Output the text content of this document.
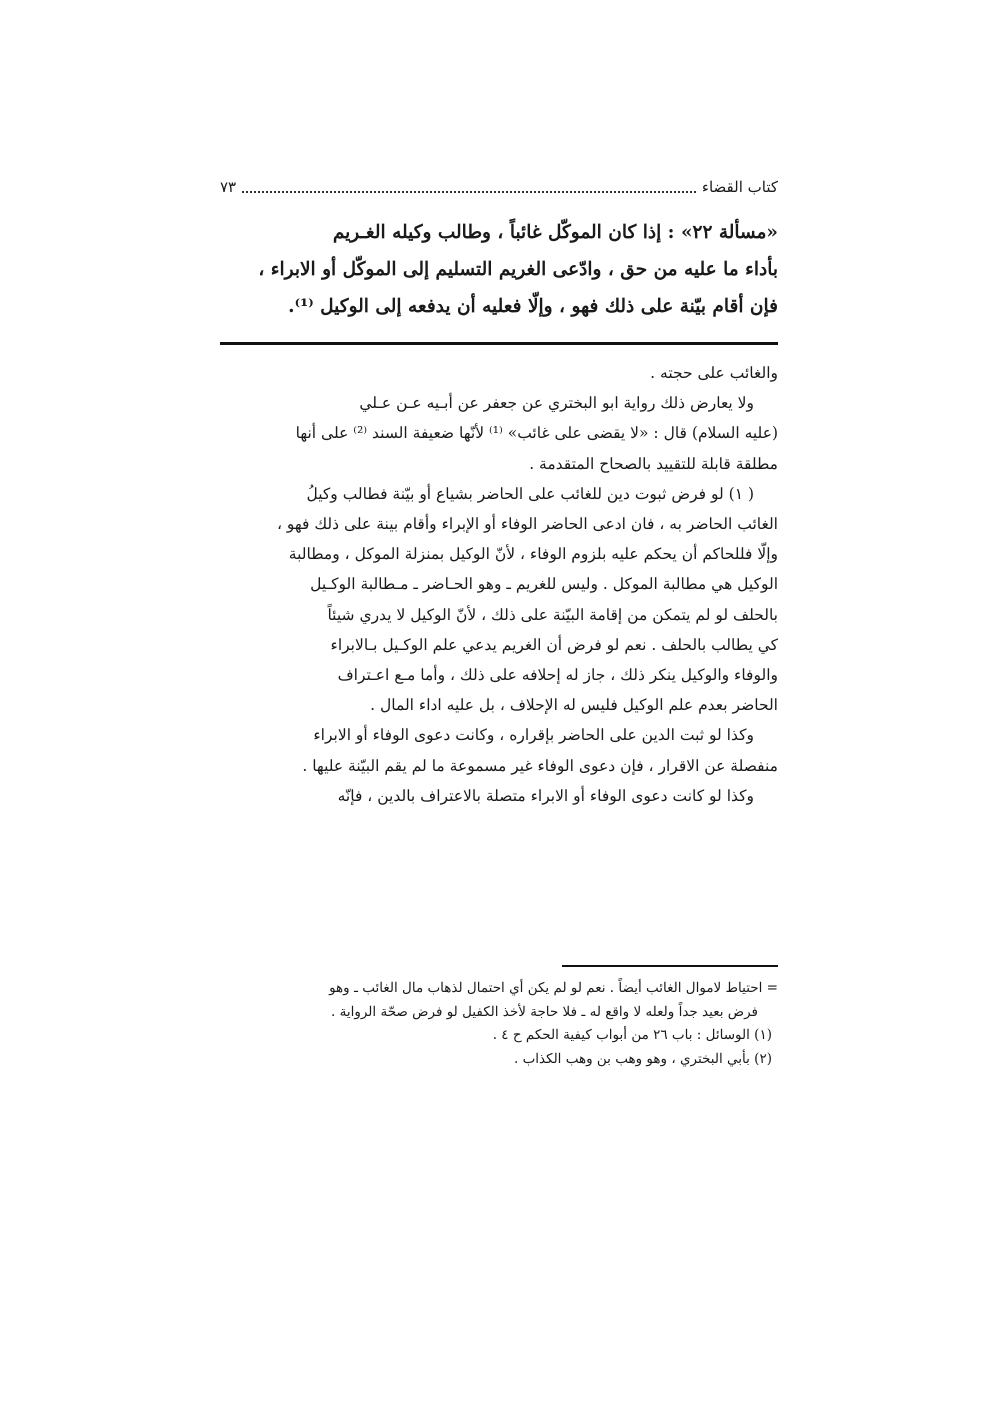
كتاب القضاء
٧٣

«مسألة ٢٢» : إذا كان الموكّل غائباً ، وطالب وكيله الغـريم

بأداء ما عليه من حق ، وادّعى الغريم التسليم إلى الموكّل أو الابراء ،

فإن أقام بيّنة على ذلك فهو ، وإلّا فعليه أن يدفعه إلى الوكيل ⁽¹⁾.

والغائب على حجته .

ولا يعارض ذلك رواية ابو البختري عن جعفر عن أبـيه عـن عـلي

(عليه السلام) قال : «لا يقضى على غائب» ⁽¹⁾ لأنّها ضعيفة السند ⁽²⁾ على أنها

مطلقة قابلة للتقييد بالصحاح المتقدمة .

( ١) لو فرض ثبوت دين للغائب على الحاضر بشياع أو بيّنة فطالب وكيلُ

الغائب الحاضر به ، فان ادعى الحاضر الوفاء أو الإبراء وأقام بينة على ذلك فهو ،

وإلّا فللحاكم أن يحكم عليه بلزوم الوفاء ، لأنّ الوكيل بمنزلة الموكل ، ومطالبة

الوكيل هي مطالبة الموكل . وليس للغريم ـ وهو الحـاضر ـ مـطالبة الوكـيل

بالحلف لو لم يتمكن من إقامة البيّنة على ذلك ، لأنّ الوكيل لا يدري شيئاً

كي يطالب بالحلف . نعم لو فرض أن الغريم يدعي علم الوكـيل بـالابراء

والوفاء والوكيل ينكر ذلك ، جاز له إحلافه على ذلك ، وأما مـع اعـتراف

الحاضر بعدم علم الوكيل فليس له الإحلاف ، بل عليه اداء المال .

وكذا لو ثبت الدين على الحاضر بإقراره ، وكانت دعوى الوفاء أو الابراء

منفصلة عن الاقرار ، فإن دعوى الوفاء غير مسموعة ما لم يقم البيّنة عليها .

وكذا لو كانت دعوى الوفاء أو الابراء متصلة بالاعتراف بالدين ، فإنّه

= احتياط لاموال الغائب أيضاً . نعم لو لم يكن أي احتمال لذهاب مال الغائب ـ وهو

فرض بعيد جداً ولعله لا واقع له ـ فلا حاجة لأخذ الكفيل لو فرض صحّة الرواية .

(١) الوسائل : باب ٢٦ من أبواب كيفية الحكم ح ٤ .

(٢) بأبي البختري ، وهو وهب بن وهب الكذاب .
